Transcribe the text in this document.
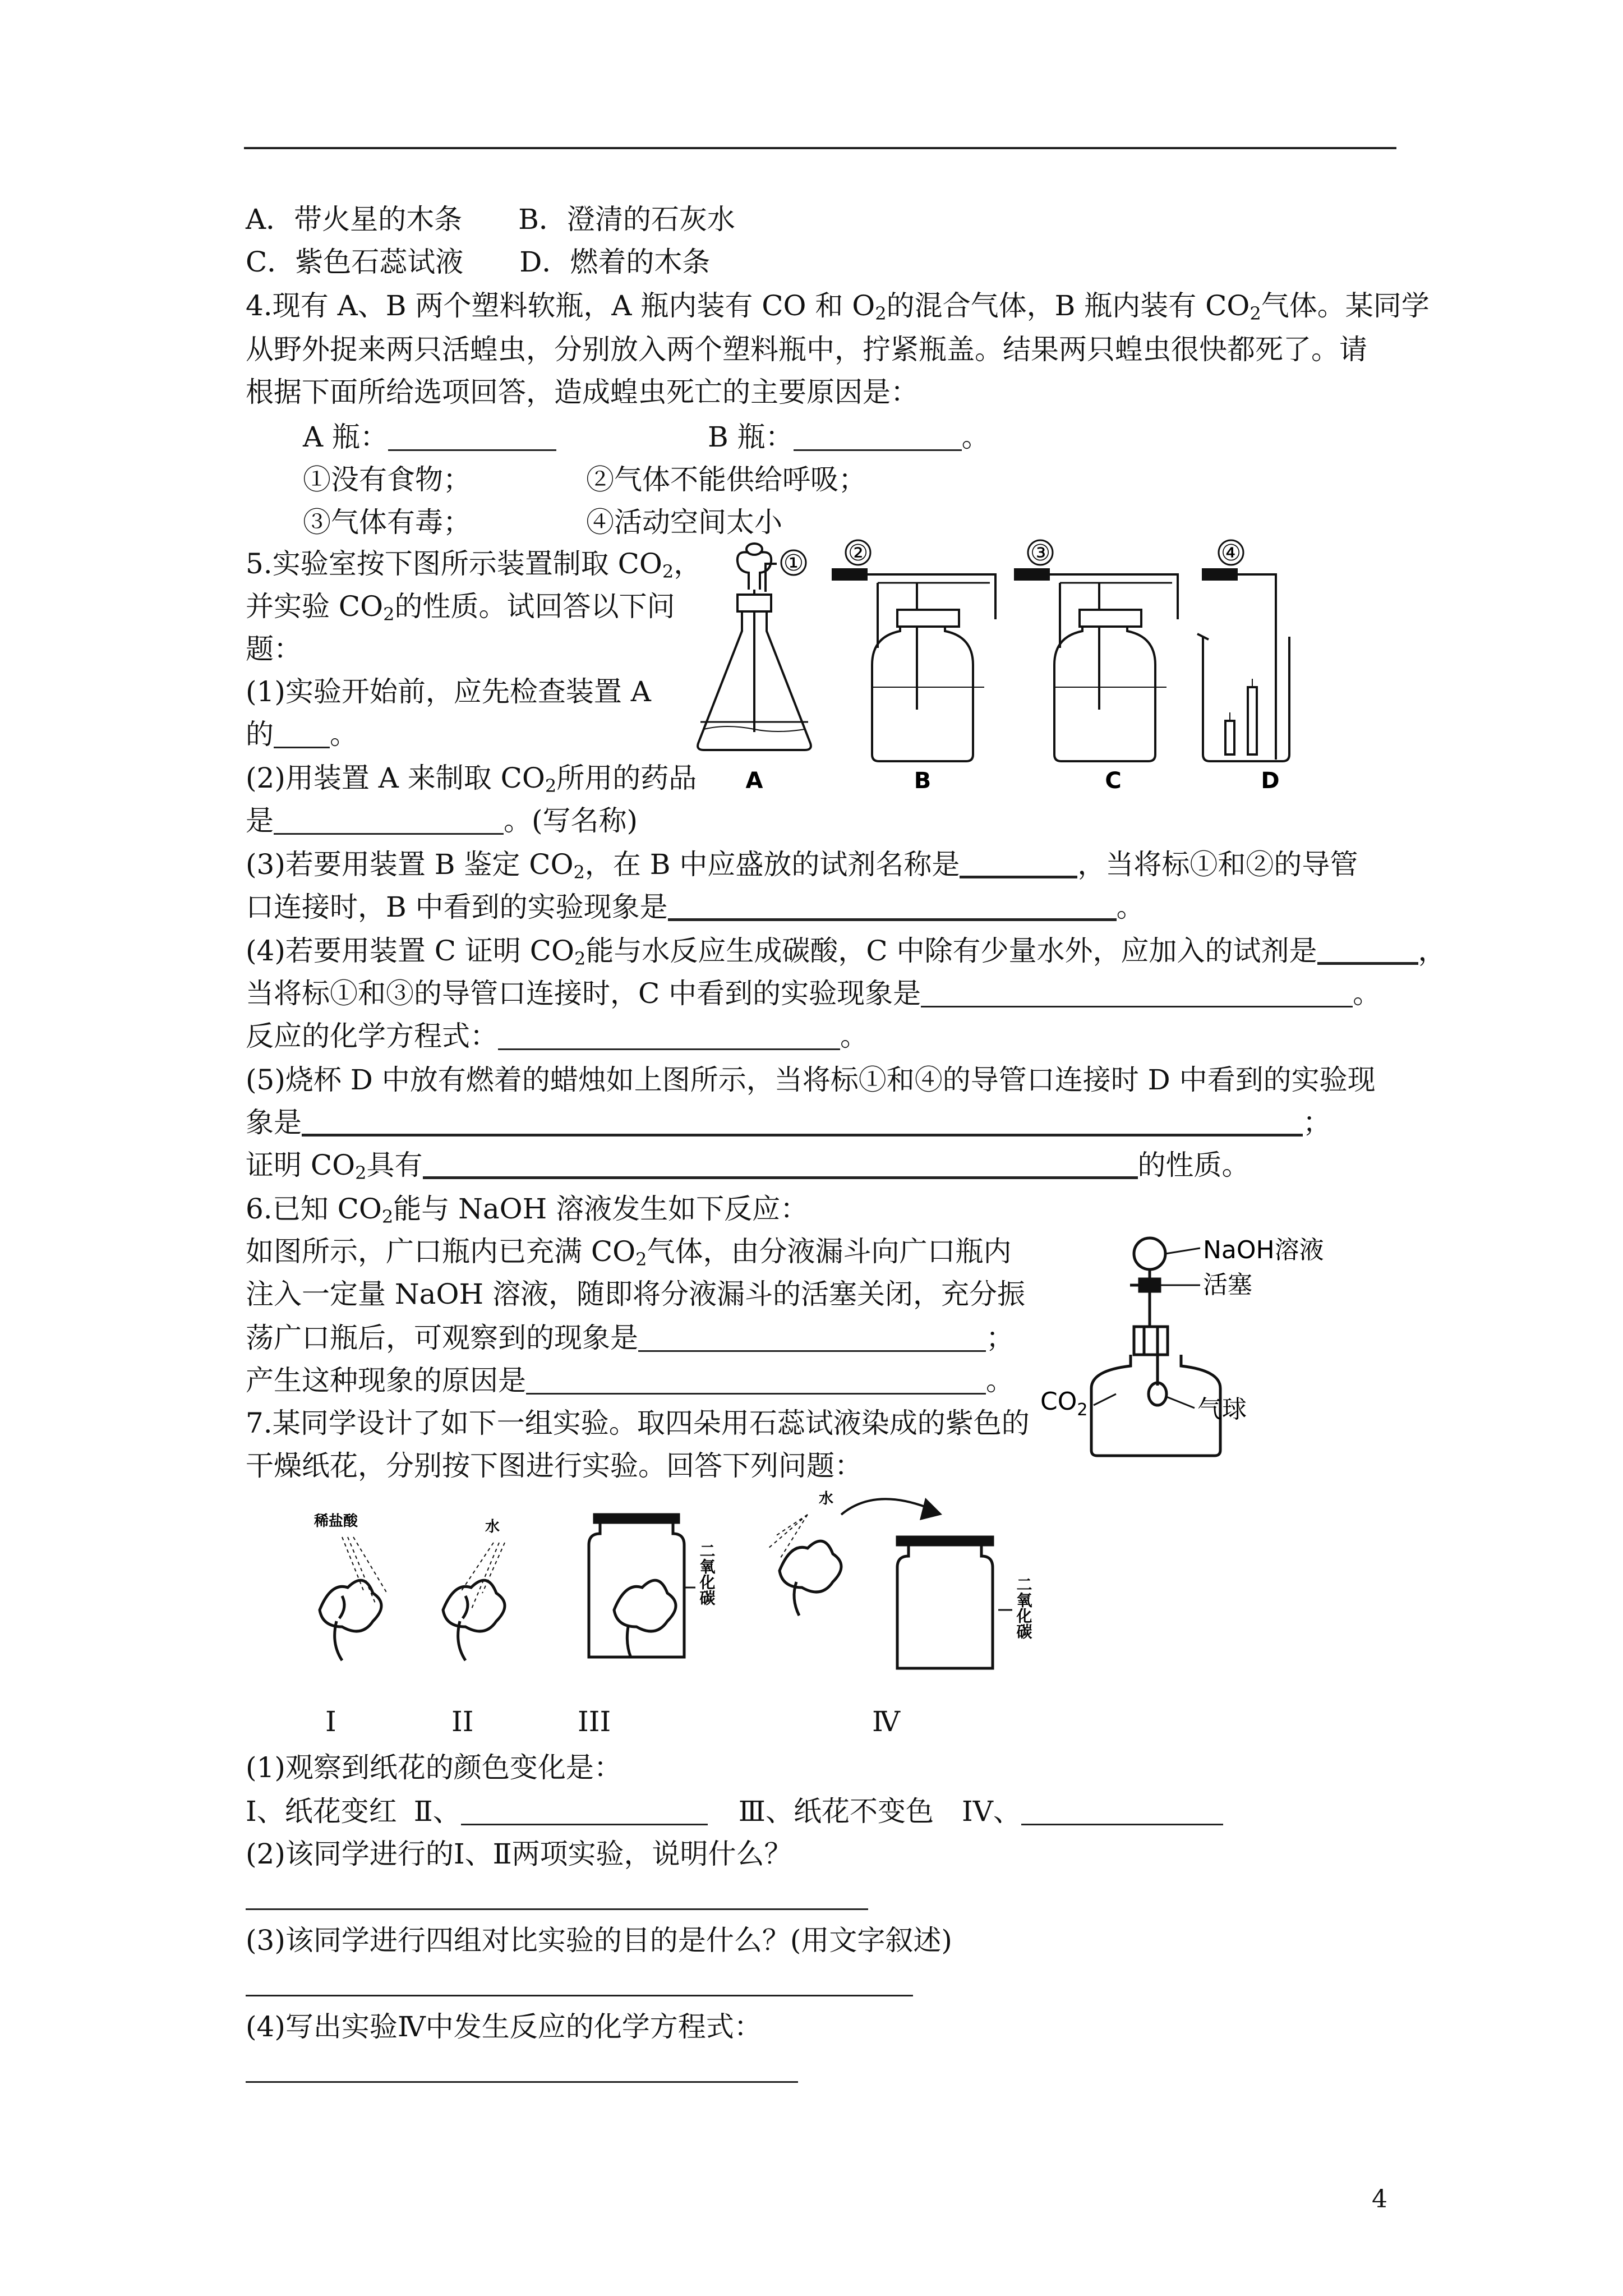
A．带火星的木条 B．澄清的石灰水
C．紫色石蕊试液 D．燃着的木条
4.现有 A、B 两个塑料软瓶，A 瓶内装有 CO 和 $O_2$的混合气体，B 瓶内装有 $CO_2$气体。某同学
从野外捉来两只活蝗虫，分别放入两个塑料瓶中，拧紧瓶盖。结果两只蝗虫很快都死了。请
根据下面所给选项回答，造成蝗虫死亡的主要原因是：
A 瓶：	B 瓶：	。
①没有食物；	②气体不能供给呼吸；
③气体有毒；	④活动空间太小
5.实验室按下图所示装置制取 $CO_2$，
并实验 $CO_2$的性质。试回答以下问
题：
(1)实验开始前，应先检查装置 A
的 。
(2)用装置 A 来制取 $CO_2$所用的药品
是	。(写名称)
① ②	③	④
A	B	C	D
(3)若要用装置 B 鉴定 $CO_2$，在 B 中应盛放的试剂名称是	，当将标①和②的导管
口连接时，B 中看到的实验现象是	。
(4)若要用装置 C 证明 $CO_2$能与水反应生成碳酸，C 中除有少量水外，应加入的试剂是	，
当将标①和③的导管口连接时，C 中看到的实验现象是	。
反应的化学方程式：	。
(5)烧杯 D 中放有燃着的蜡烛如上图所示，当将标①和④的导管口连接时 D 中看到的实验现
象是	；
证明 $CO_2$具有	的性质。
6.已知 $CO_2$能与 NaOH 溶液发生如下反应：
如图所示，广口瓶内已充满 $CO_2$气体，由分液漏斗向广口瓶内
注入一定量 NaOH 溶液，随即将分液漏斗的活塞关闭，充分振
荡广口瓶后，可观察到的现象是	；
产生这种现象的原因是	。
NaOH溶液
活塞
$CO_2$	气球
7.某同学设计了如下一组实验。取四朵用石蕊试液染成的紫色的
干燥纸花，分别按下图进行实验。回答下列问题：
稀盐酸	水
水
二氧化碳
二氧化碳
I	II	III	Ⅳ
(1)观察到纸花的颜色变化是：
Ⅰ、纸花变红 Ⅱ、	Ⅲ、纸花不变色 IV、
(2)该同学进行的Ⅰ、Ⅱ两项实验，说明什么？
(3)该同学进行四组对比实验的目的是什么？(用文字叙述)
(4)写出实验Ⅳ中发生反应的化学方程式：
4
